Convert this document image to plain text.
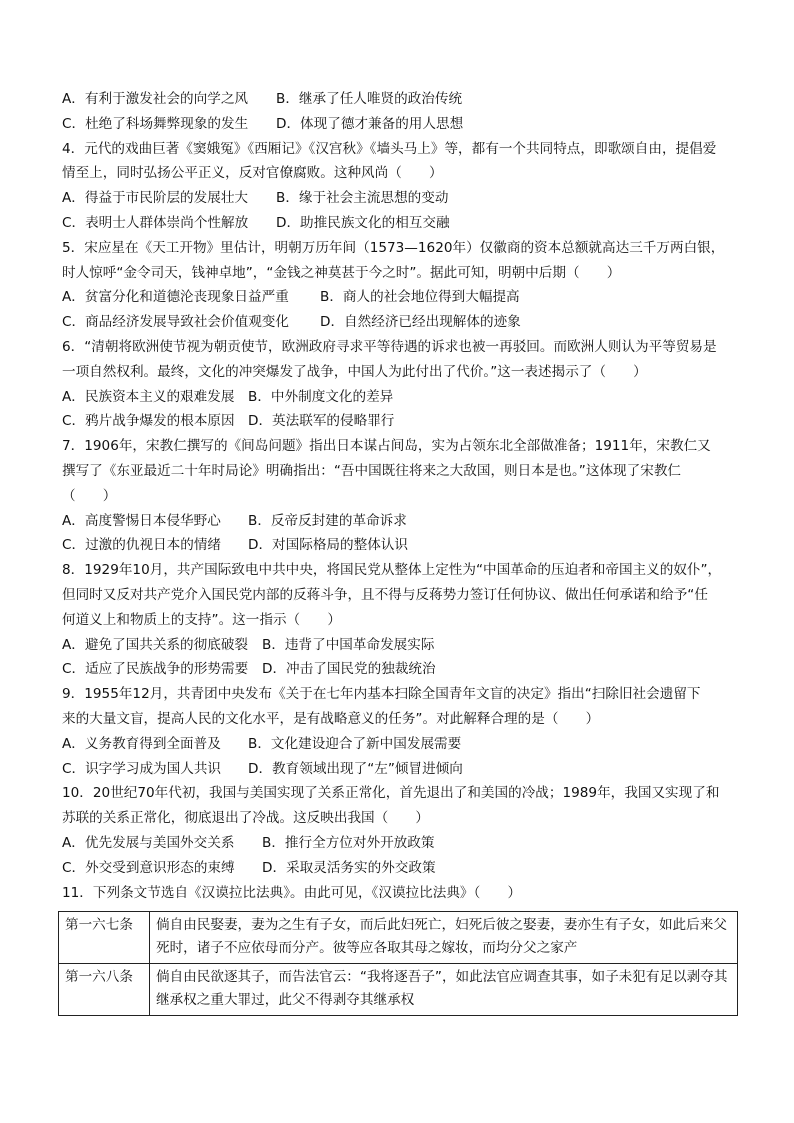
A．有利于激发社会的向学之风	B．继承了任人唯贤的政治传统
C．杜绝了科场舞弊现象的发生	D．体现了德才兼备的用人思想
4．元代的戏曲巨著《窦娥冤》《西厢记》《汉宫秋》《墙头马上》等，都有一个共同特点，即歌颂自由，提倡爱
情至上，同时弘扬公平正义，反对官僚腐败。这种风尚（　　）
A．得益于市民阶层的发展壮大	B．缘于社会主流思想的变动
C．表明士人群体崇尚个性解放	D．助推民族文化的相互交融
5．宋应星在《天工开物》里估计，明朝万历年间（1573—1620年）仅徽商的资本总额就高达三千万两白银，
时人惊呼“金令司天，钱神卓地”，“金钱之神莫甚于今之时”。据此可知，明朝中后期（　　）
A．贫富分化和道德沦丧现象日益严重	B．商人的社会地位得到大幅提高
C．商品经济发展导致社会价值观变化	D．自然经济已经出现解体的迹象
6．“清朝将欧洲使节视为朝贡使节，欧洲政府寻求平等待遇的诉求也被一再驳回。而欧洲人则认为平等贸易是
一项自然权利。最终，文化的冲突爆发了战争，中国人为此付出了代价。”这一表述揭示了（　　）
A．民族资本主义的艰难发展 B．中外制度文化的差异
C．鸦片战争爆发的根本原因 D．英法联军的侵略罪行
7．1906年，宋教仁撰写的《间岛问题》指出日本谋占间岛，实为占领东北全部做准备；1911年，宋教仁又
撰写了《东亚最近二十年时局论》明确指出：“吾中国既往将来之大敌国，则日本是也。”这体现了宋教仁
（　　）
A．高度警惕日本侵华野心	B．反帝反封建的革命诉求
C．过激的仇视日本的情绪	D．对国际格局的整体认识
8．1929年10月，共产国际致电中共中央，将国民党从整体上定性为“中国革命的压迫者和帝国主义的奴仆”，
但同时又反对共产党介入国民党内部的反蒋斗争，且不得与反蒋势力签订任何协议、做出任何承诺和给予“任
何道义上和物质上的支持”。这一指示（　　）
A．避免了国共关系的彻底破裂	B．违背了中国革命发展实际
C．适应了民族战争的形势需要	D．冲击了国民党的独裁统治
9．1955年12月，共青团中央发布《关于在七年内基本扫除全国青年文盲的决定》指出“扫除旧社会遗留下
来的大量文盲，提高人民的文化水平，是有战略意义的任务”。对此解释合理的是（　　）
A．义务教育得到全面普及	B．文化建设迎合了新中国发展需要
C．识字学习成为国人共识	D．教育领域出现了“左”倾冒进倾向
10．20世纪70年代初，我国与美国实现了关系正常化，首先退出了和美国的冷战；1989年，我国又实现了和
苏联的关系正常化，彻底退出了冷战。这反映出我国（　　）
A．优先发展与美国外交关系	B．推行全方位对外开放政策
C．外交受到意识形态的束缚	D．采取灵活务实的外交政策
11．下列条文节选自《汉谟拉比法典》。由此可见，《汉谟拉比法典》（　　）
第一六七条	倘自由民娶妻，妻为之生有子女，而后此妇死亡，妇死后彼之娶妻，妻亦生有子女，如此后来父死时，诸子不应依母而分产。彼等应各取其母之嫁妆，而均分父之家产
第一六八条	倘自由民欲逐其子，而告法官云：“我将逐吾子”，如此法官应调查其事，如子未犯有足以剥夺其继承权之重大罪过，此父不得剥夺其继承权
